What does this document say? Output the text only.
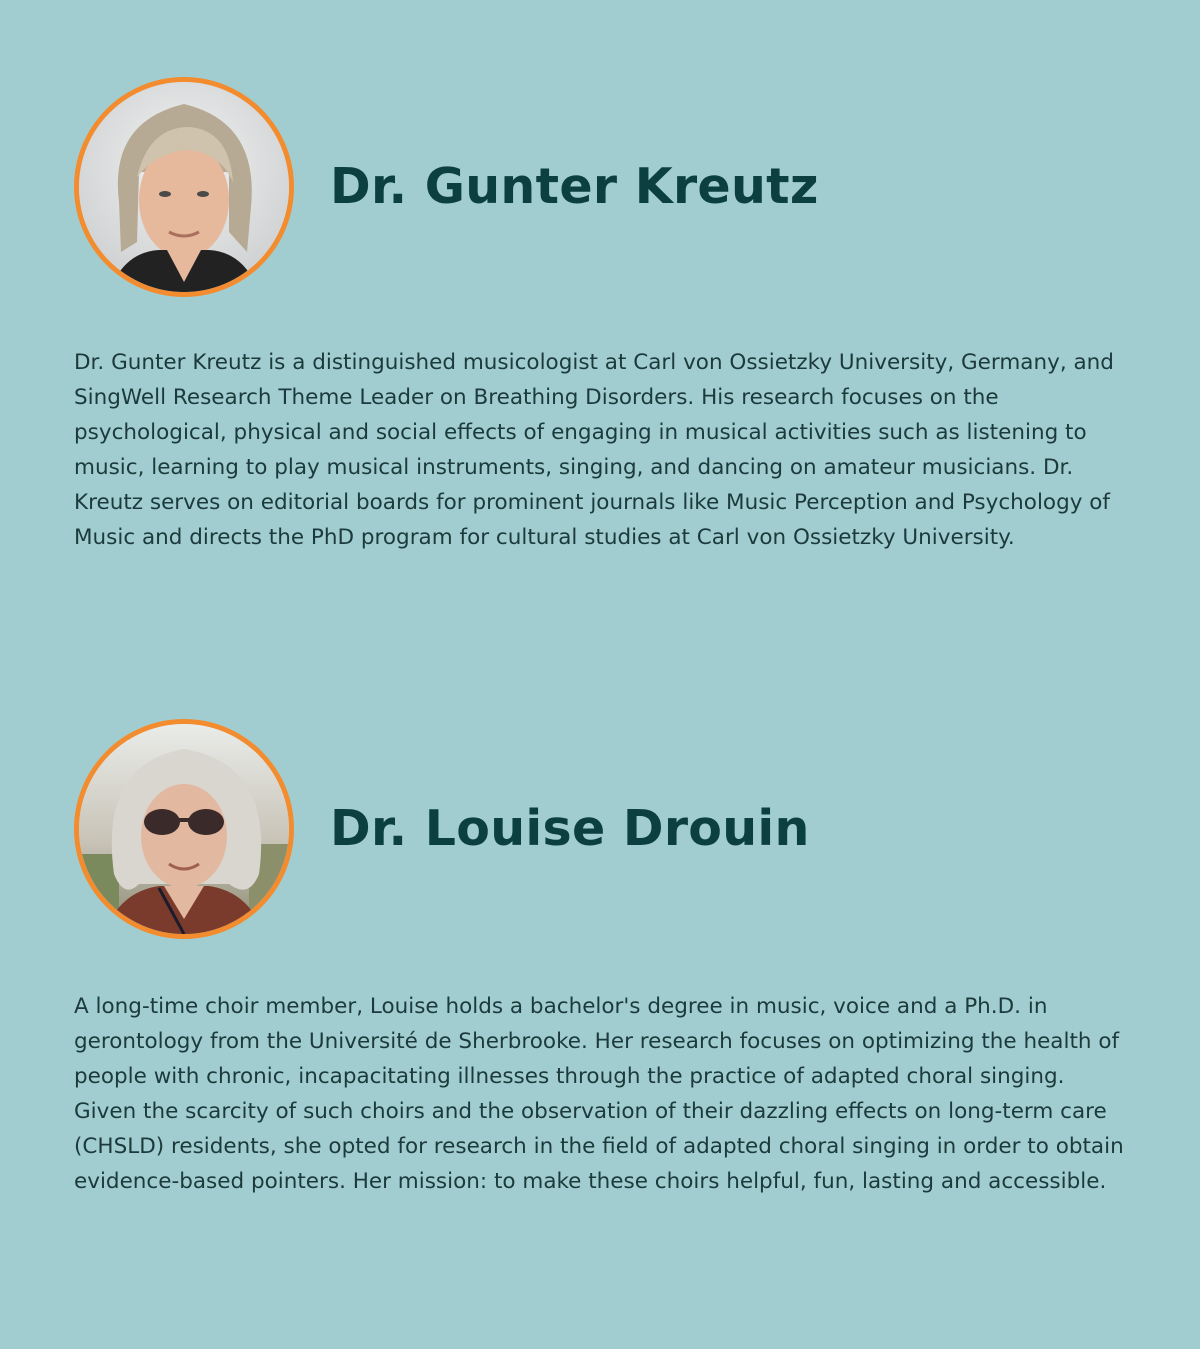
Dr. Gunter Kreutz

Dr. Gunter Kreutz is a distinguished musicologist at Carl von Ossietzky University, Germany, and SingWell Research Theme Leader on Breathing Disorders. His research focuses on the psychological, physical and social effects of engaging in musical activities such as listening to music, learning to play musical instruments, singing, and dancing on amateur musicians. Dr. Kreutz serves on editorial boards for prominent journals like Music Perception and Psychology of Music and directs the PhD program for cultural studies at Carl von Ossietzky University.

Dr. Louise Drouin

A long-time choir member, Louise holds a bachelor's degree in music, voice and a Ph.D. in gerontology from the Université de Sherbrooke. Her research focuses on optimizing the health of people with chronic, incapacitating illnesses through the practice of adapted choral singing. Given the scarcity of such choirs and the observation of their dazzling effects on long-term care (CHSLD) residents, she opted for research in the field of adapted choral singing in order to obtain evidence-based pointers. Her mission: to make these choirs helpful, fun, lasting and accessible.
